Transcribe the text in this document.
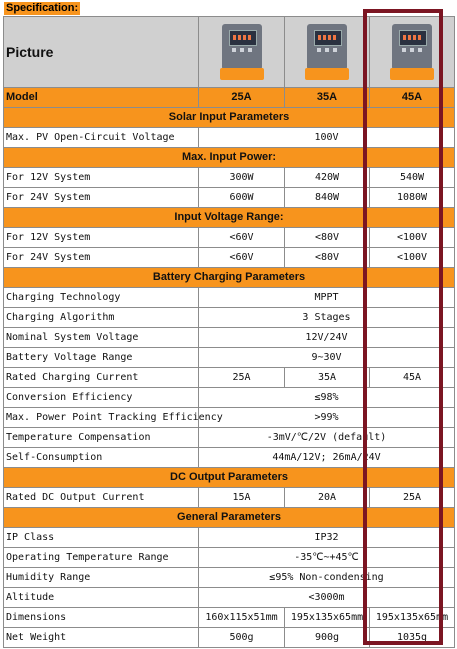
Specification:
Picture	

Model	25A	35A	45A
Solar Input Parameters			
Max. PV Open-Circuit Voltage	100V		
Max. Input Power:			
For 12V System	300W	420W	540W
For 24V System	600W	840W	1080W
Input Voltage Range:			
For 12V System	<60V	<80V	<100V
For 24V System	<60V	<80V	<100V
Battery Charging Parameters			
Charging Technology	MPPT		
Charging Algorithm	3 Stages		
Nominal System Voltage	12V/24V		
Battery Voltage Range	9~30V		
Rated Charging Current	25A	35A	45A
Conversion Efficiency	≤98%		
Max. Power Point Tracking Efficiency	>99%		
Temperature Compensation	-3mV/℃/2V (default)		
Self-Consumption	44mA/12V; 26mA/24V		
DC Output Parameters			
Rated DC Output Current	15A	20A	25A
General Parameters			
IP Class	IP32		
Operating Temperature Range	-35℃~+45℃		
Humidity Range	≤95% Non-condensing		
Altitude	<3000m		
Dimensions	160x115x51mm	195x135x65mm	195x135x65mm
Net Weight	500g	900g	1035g
